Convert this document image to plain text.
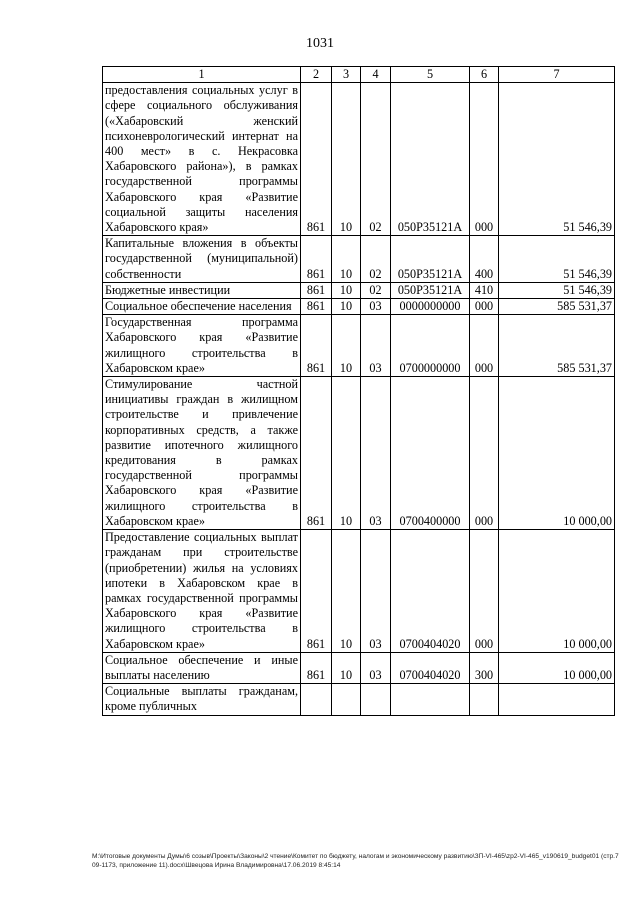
1031
1	2	3	4	5	6	7
предоставления социальных услуг в сфере социального обслуживания («Хабаровский женский психоневрологический интернат на 400 мест» в с. Некрасовка Хабаровского района»), в рамках государственной программы Хабаровского края «Развитие социальной защиты населения Хабаровского края»	861	10	02	050P35121A	000	51 546,39
Капитальные вложения в объекты государственной (муниципальной) собственности	861	10	02	050P35121A	400	51 546,39
Бюджетные инвестиции	861	10	02	050P35121A	410	51 546,39
Социальное обеспечение населения	861	10	03	0000000000	000	585 531,37
Государственная программа Хабаровского края «Развитие жилищного строительства в Хабаровском крае»	861	10	03	0700000000	000	585 531,37
Стимулирование частной инициативы граждан в жилищном строительстве и привлечение корпоративных средств, а также развитие ипотечного жилищного кредитования в рамках государственной программы Хабаровского края «Развитие жилищного строительства в Хабаровском крае»	861	10	03	0700400000	000	10 000,00
Предоставление социальных выплат гражданам при строительстве (приобретении) жилья на условиях ипотеки в Хабаровском крае в рамках государственной программы Хабаровского края «Развитие жилищного строительства в Хабаровском крае»	861	10	03	0700404020	000	10 000,00
Социальное обеспечение и иные выплаты населению	861	10	03	0700404020	300	10 000,00
Социальные выплаты гражданам, кроме публичных						
М:\Итоговые документы Думы\6 созыв\Проекты\Законы\2 чтение\Комитет по бюджету, налогам и экономическому развитию\ЗП-VI-465\zp2-VI-465_v190619_budget01 (стр.709-1173, приложение 11).docx\Швецова Ирина Владимировна\17.06.2019 8:45:14
